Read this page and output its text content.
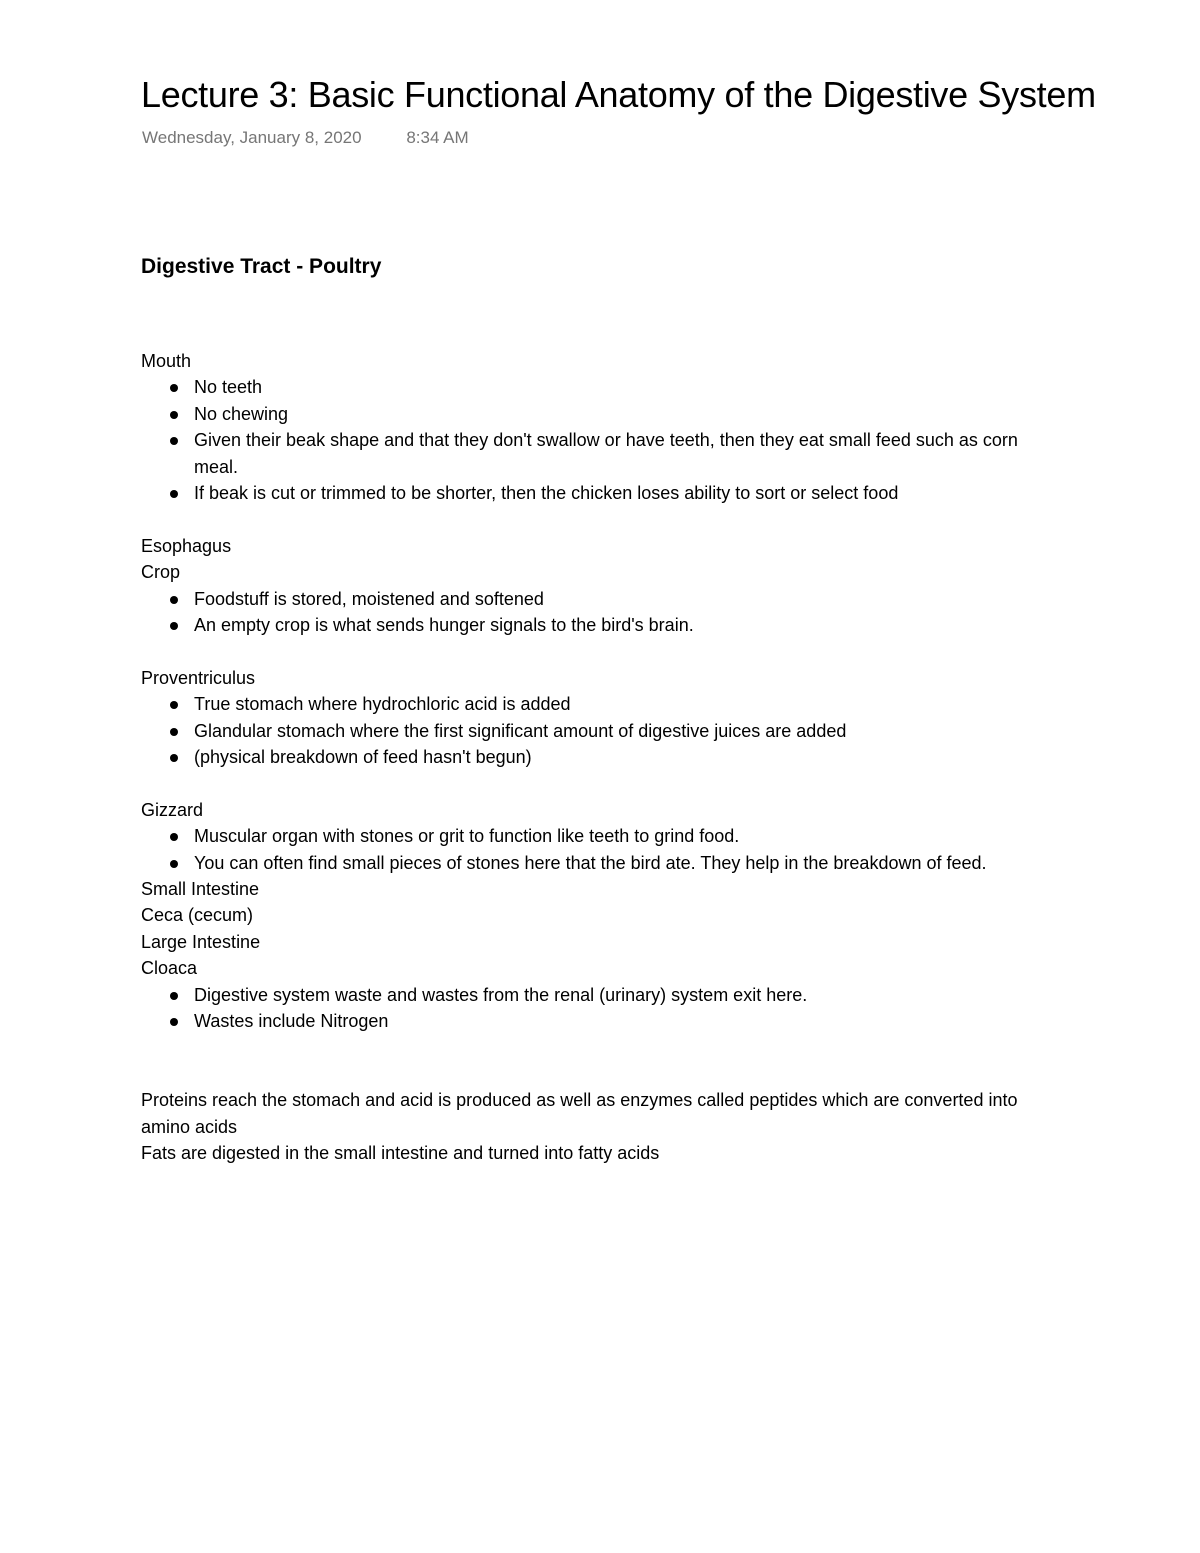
Lecture 3: Basic Functional Anatomy of the Digestive System
Wednesday, January 8, 2020	8:34 AM
Digestive Tract - Poultry

Mouth

No teeth
No chewing
Given their beak shape and that they don't swallow or have teeth, then they eat small feed such as corn meal.
If beak is cut or trimmed to be shorter, then the chicken loses ability to sort or select food

Esophagus

Crop

Foodstuff is stored, moistened and softened
An empty crop is what sends hunger signals to the bird's brain.

Proventriculus

True stomach where hydrochloric acid is added
Glandular stomach where the first significant amount of digestive juices are added
(physical breakdown of feed hasn't begun)

Gizzard

Muscular organ with stones or grit to function like teeth to grind food.
You can often find small pieces of stones here that the bird ate. They help in the breakdown of feed.

Small Intestine

Ceca (cecum)

Large Intestine

Cloaca

Digestive system waste and wastes from the renal (urinary) system exit here.
Wastes include Nitrogen

Proteins reach the stomach and acid is produced as well as enzymes called peptides which are converted into amino acids

Fats are digested in the small intestine and turned into fatty acids
